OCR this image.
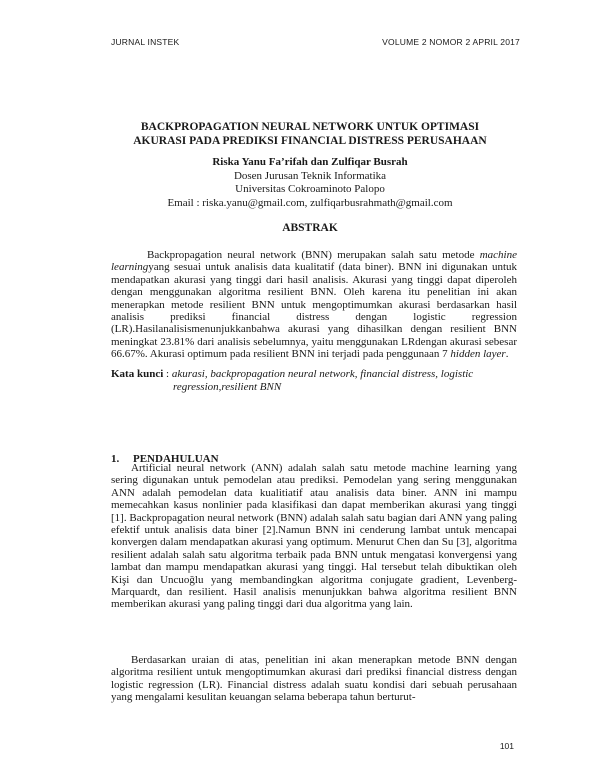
JURNAL INSTEK	VOLUME 2 NOMOR 2 APRIL 2017
BACKPROPAGATION NEURAL NETWORK UNTUK OPTIMASI
AKURASI PADA PREDIKSI FINANCIAL DISTRESS PERUSAHAAN
Riska Yanu Fa’rifah dan Zulfiqar Busrah
Dosen Jurusan Teknik Informatika
Universitas Cokroaminoto Palopo
Email : riska.yanu@gmail.com, zulfiqarbusrahmath@gmail.com
ABSTRAK

Backpropagation neural network (BNN) merupakan salah satu metode machine learningyang sesuai untuk analisis data kualitatif (data biner). BNN ini digunakan untuk mendapatkan akurasi yang tinggi dari hasil analisis. Akurasi yang tinggi dapat diperoleh dengan menggunakan algoritma resilient BNN. Oleh karena itu penelitian ini akan menerapkan metode resilient BNN untuk mengoptimumkan akurasi berdasarkan hasil analisis prediksi financial distress dengan logistic regression (LR).Hasilanalisismenunjukkanbahwa akurasi yang dihasilkan dengan resilient BNN meningkat 23.81% dari analisis sebelumnya, yaitu menggunakan LRdengan akurasi sebesar 66.67%. Akurasi optimum pada resilient BNN ini terjadi pada penggunaan 7 hidden layer.

Kata kunci : akurasi, backpropagation neural network, financial distress, logistic
regression,resilient BNN
1. PENDAHULUAN

Artificial neural network (ANN) adalah salah satu metode machine learning yang sering digunakan untuk pemodelan atau prediksi. Pemodelan yang sering menggunakan ANN adalah pemodelan data kualitiatif atau analisis data biner. ANN ini mampu memecahkan kasus nonlinier pada klasifikasi dan dapat memberikan akurasi yang tinggi [1]. Backpropagation neural network (BNN) adalah salah satu bagian dari ANN yang paling efektif untuk analisis data biner [2].Namun BNN ini cenderung lambat untuk mencapai konvergen dalam mendapatkan akurasi yang optimum. Menurut Chen dan Su [3], algoritma resilient adalah salah satu algoritma terbaik pada BNN untuk mengatasi konvergensi yang lambat dan mampu mendapatkan akurasi yang tinggi. Hal tersebut telah dibuktikan oleh Kişi dan Uncuoğlu yang membandingkan algoritma conjugate gradient, Levenberg-Marquardt, dan resilient. Hasil analisis menunjukkan bahwa algoritma resilient BNN memberikan akurasi yang paling tinggi dari dua algoritma yang lain.

Berdasarkan uraian di atas, penelitian ini akan menerapkan metode BNN dengan algoritma resilient untuk mengoptimumkan akurasi dari prediksi financial distress dengan logistic regression (LR). Financial distress adalah suatu kondisi dari sebuah perusahaan yang mengalami kesulitan keuangan selama beberapa tahun berturut-

101
